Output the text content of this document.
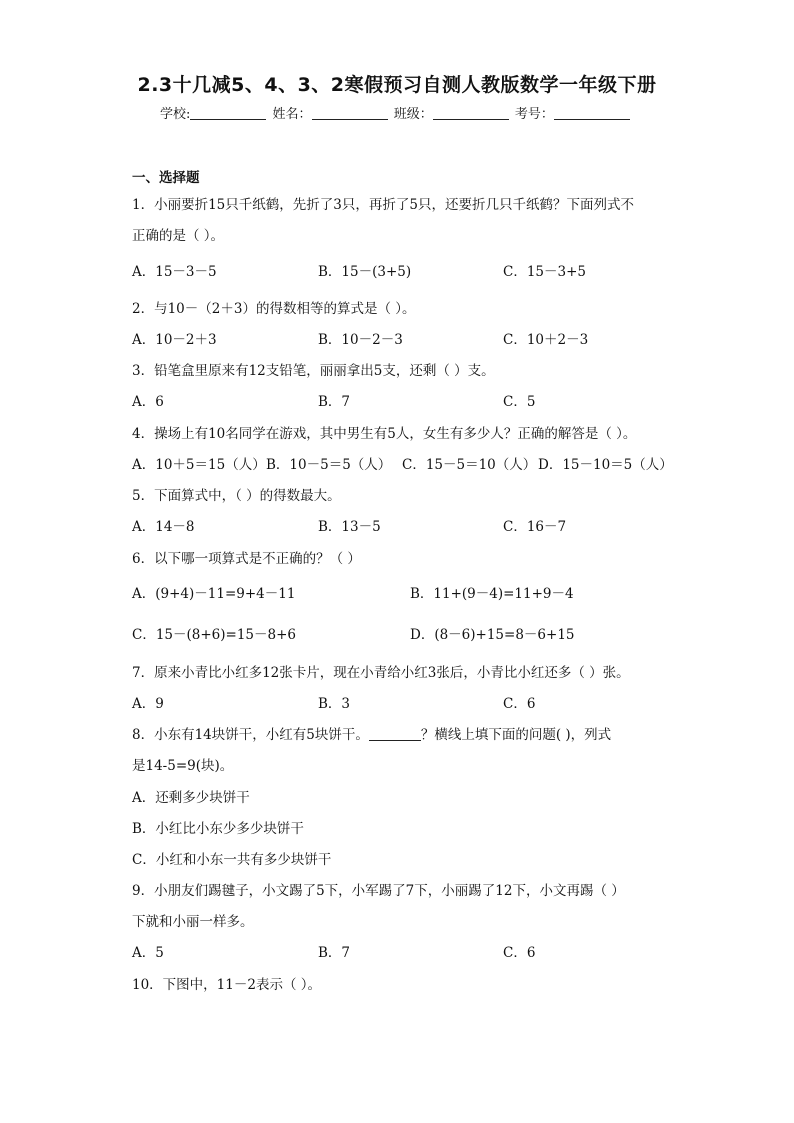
2.3十几减5、4、3、2寒假预习自测人教版数学一年级下册
学校:	姓名：	班级：	考号：
一、选择题
1．小丽要折15只千纸鹤，先折了3只，再折了5只，还要折几只千纸鹤？下面列式不
正确的是（ ）。
A．15－3－5	B．15－(3+5)	C．15－3+5
2．与10－（2＋3）的得数相等的算式是（ ）。
A．10－2＋3	B．10－2－3	C．10＋2－3
3．铅笔盒里原来有12支铅笔，丽丽拿出5支，还剩（ ）支。
A．6	B．7	C．5
4．操场上有10名同学在游戏，其中男生有5人，女生有多少人？正确的解答是（ ）。
A．10＋5＝15（人） B．10－5＝5（人） C．15－5＝10（人） D．15－10＝5（人）
5．下面算式中，（ ）的得数最大。
A．14－8	B．13－5	C．16－7
6．以下哪一项算式是不正确的？（ ）
A．(9+4)－11=9+4－11	B．11+(9－4)=11+9－4
C．15－(8+6)=15－8+6	D．(8－6)+15=8－6+15
7．原来小青比小红多12张卡片，现在小青给小红3张后，小青比小红还多（ ）张。
A．9	B．3	C．6
8．小东有14块饼干，小红有5块饼干。	？横线上填下面的问题( )，列式
是14-5=9(块)。
A．还剩多少块饼干
B．小红比小东少多少块饼干
C．小红和小东一共有多少块饼干
9．小朋友们踢毽子，小文踢了5下，小军踢了7下，小丽踢了12下，小文再踢（ ）
下就和小丽一样多。
A．5	B．7	C．6
10．下图中，11－2表示（ ）。
